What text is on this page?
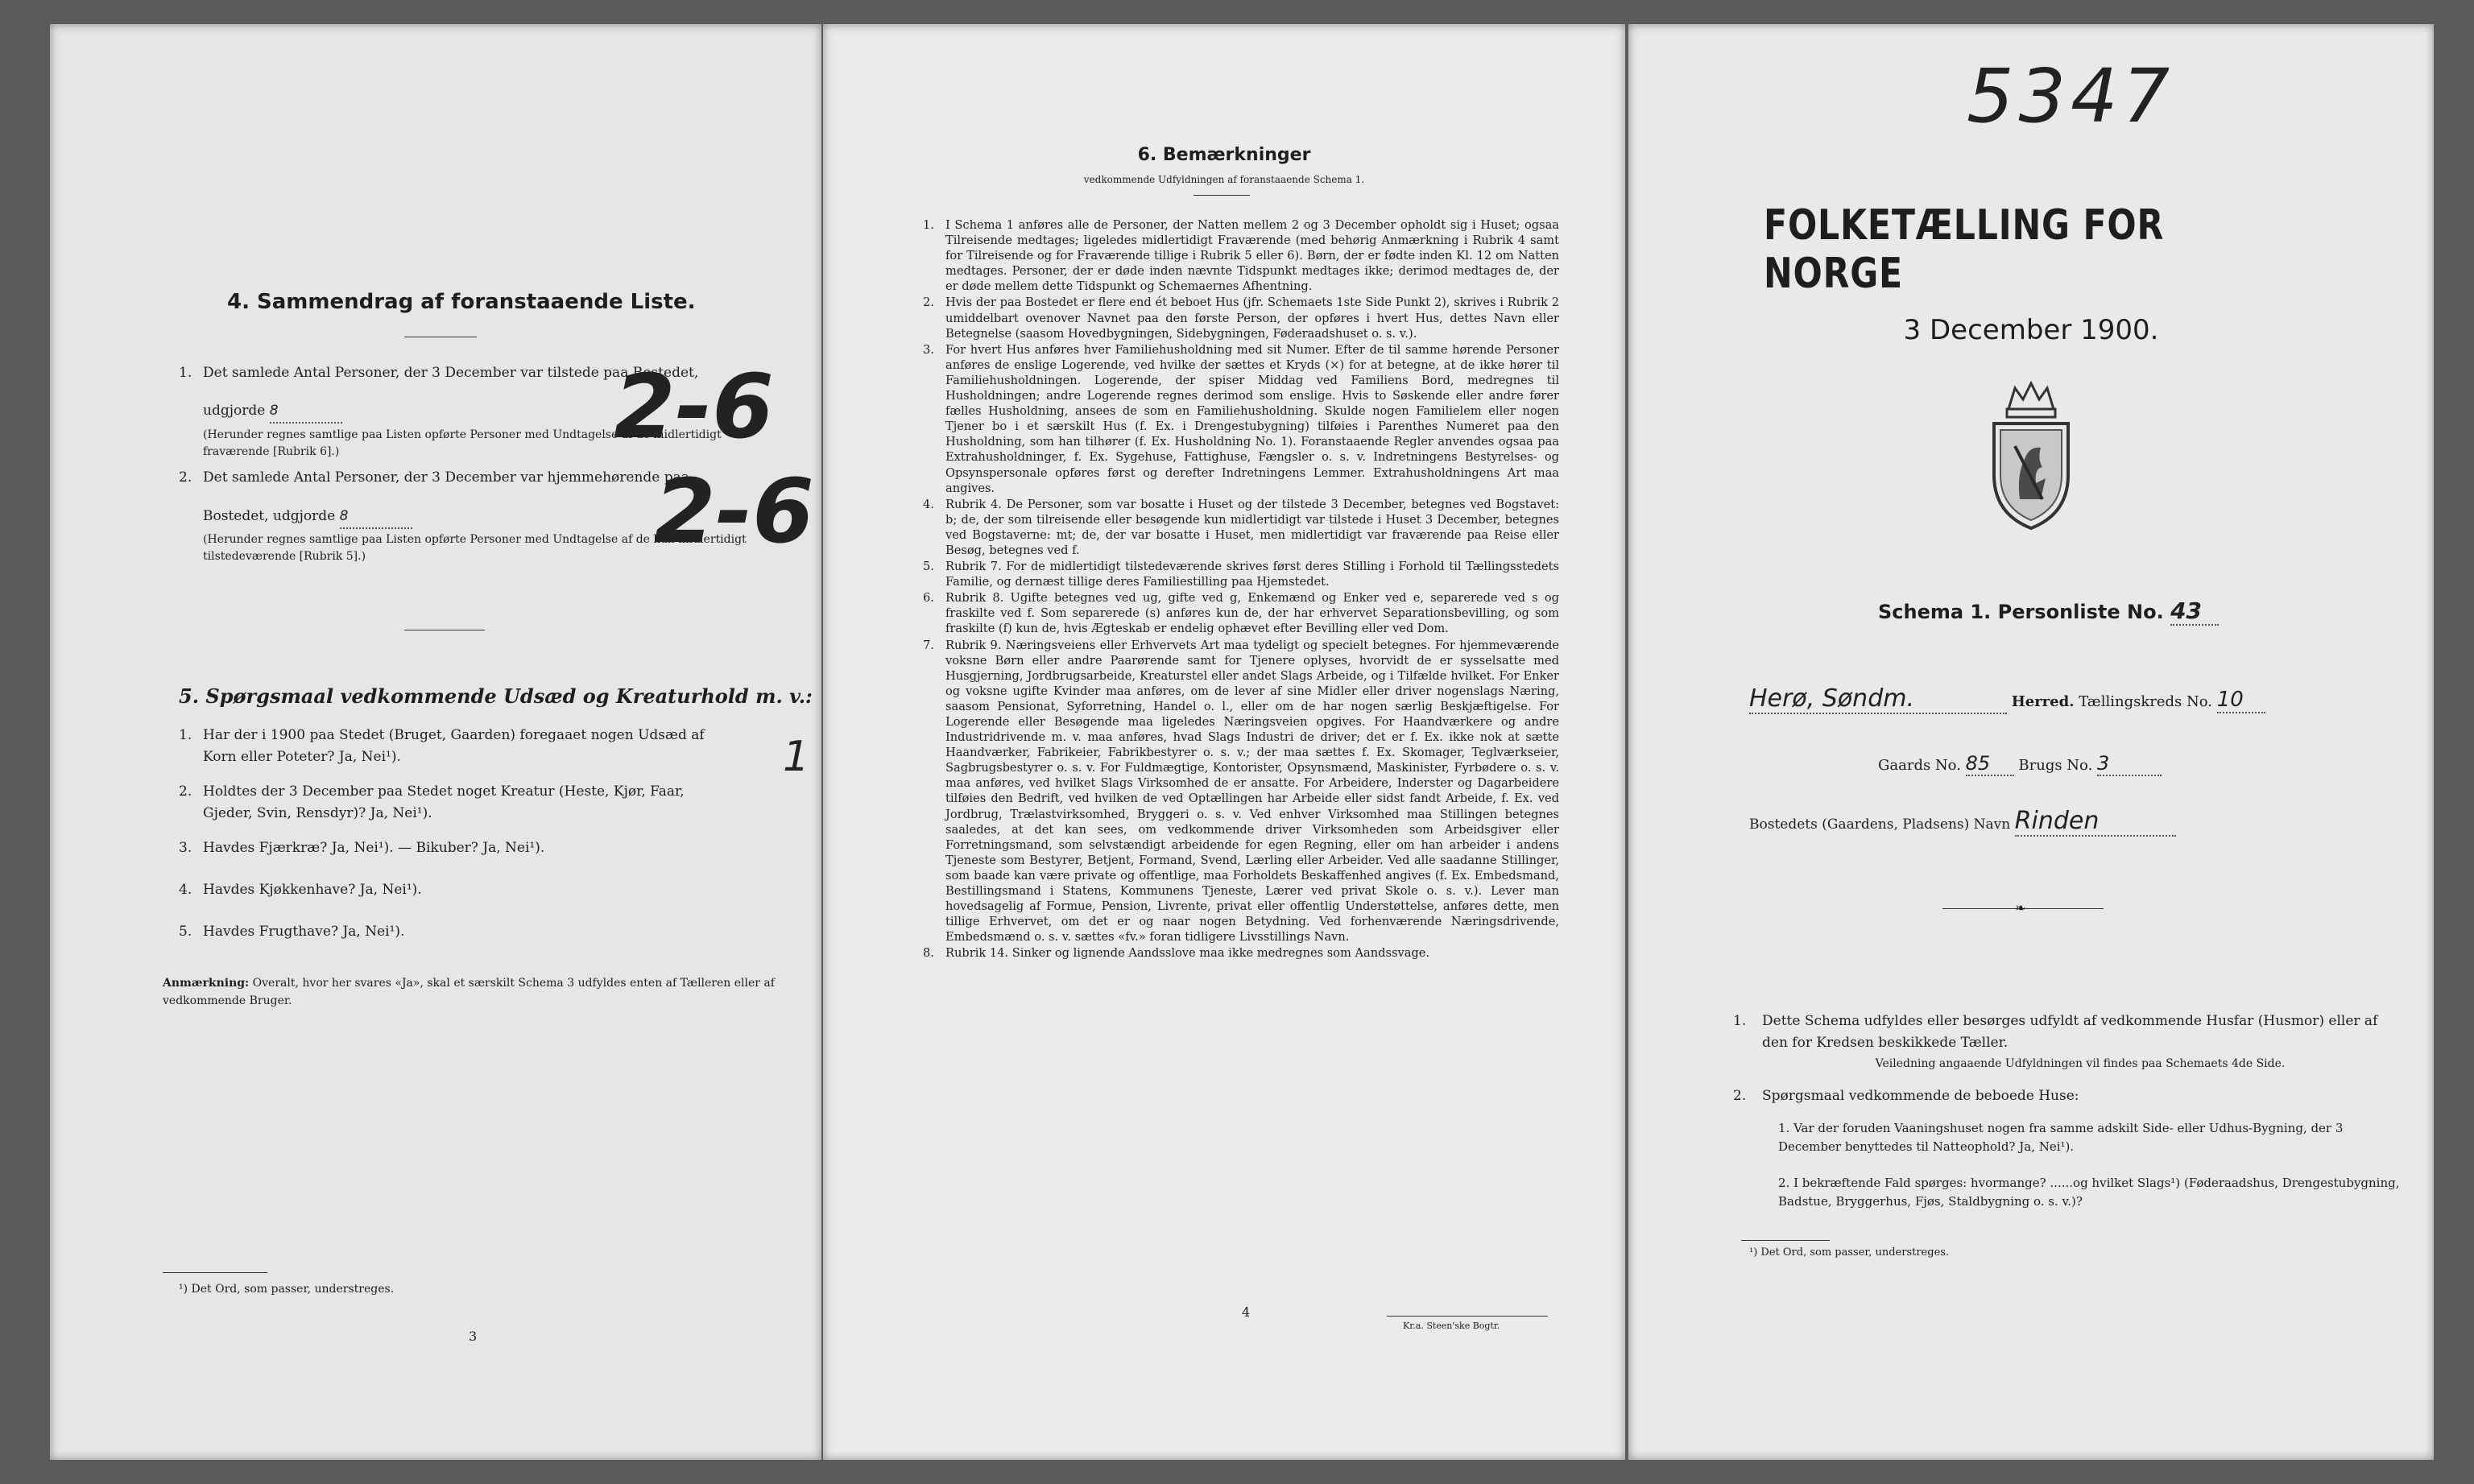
4. Sammendrag af foranstaaende Liste.
1. Det samlede Antal Personer, der 3 December var tilstede paa Bostedet,
udgjorde 8
(Herunder regnes samtlige paa Listen opførte Personer med Undtagelse af de midlertidigt fraværende [Rubrik 6].)	2-6
2. Det samlede Antal Personer, der 3 December var hjemmehørende paa
Bostedet, udgjorde 8
(Herunder regnes samtlige paa Listen opførte Personer med Undtagelse af de kun midlertidigt tilstedeværende [Rubrik 5].)	2-6
5. Spørgsmaal vedkommende Udsæd og Kreaturhold m. v.:
1. Har der i 1900 paa Stedet (Bruget, Gaarden) foregaaet nogen Udsæd af
Korn eller Poteter? Ja, Nei¹).
2. Holdtes der 3 December paa Stedet noget Kreatur (Heste, Kjør, Faar,
Gjeder, Svin, Rensdyr)? Ja, Nei¹).
3. Havdes Fjærkræ? Ja, Nei¹). — Bikuber? Ja, Nei¹).
4. Havdes Kjøkkenhave? Ja, Nei¹).
5. Havdes Frugthave? Ja, Nei¹).
1
Anmærkning: Overalt, hvor her svares «Ja», skal et særskilt Schema 3 udfyldes enten af Tælleren eller af vedkommende Bruger.
¹) Det Ord, som passer, understreges.
3
6. Bemærkninger
vedkommende Udfyldningen af foranstaaende Schema 1.
1. I Schema 1 anføres alle de Personer, der Natten mellem 2 og 3 December opholdt sig i Huset; ogsaa Tilreisende medtages; ligeledes midlertidigt Fraværende (med behørig Anmærkning i Rubrik 4 samt for Tilreisende og for Fraværende tillige i Rubrik 5 eller 6). Børn, der er fødte inden Kl. 12 om Natten medtages. Personer, der er døde inden nævnte Tidspunkt medtages ikke; derimod medtages de, der er døde mellem dette Tidspunkt og Schemaernes Afhentning.
2. Hvis der paa Bostedet er flere end ét beboet Hus (jfr. Schemaets 1ste Side Punkt 2), skrives i Rubrik 2 umiddelbart ovenover Navnet paa den første Person, der opføres i hvert Hus, dettes Navn eller Betegnelse (saasom Hovedbygningen, Sidebygningen, Føderaadshuset o. s. v.).
3. For hvert Hus anføres hver Familiehusholdning med sit Numer. Efter de til samme hørende Personer anføres de enslige Logerende, ved hvilke der sættes et Kryds (×) for at betegne, at de ikke hører til Familiehusholdningen. Logerende, der spiser Middag ved Familiens Bord, medregnes til Husholdningen; andre Logerende regnes derimod som enslige. Hvis to Søskende eller andre fører fælles Husholdning, ansees de som en Familiehusholdning. Skulde nogen Familielem eller nogen Tjener bo i et særskilt Hus (f. Ex. i Drengestubygning) tilføies i Parenthes Numeret paa den Husholdning, som han tilhører (f. Ex. Husholdning No. 1). Foranstaaende Regler anvendes ogsaa paa Extrahusholdninger, f. Ex. Sygehuse, Fattighuse, Fængsler o. s. v. Indretningens Bestyrelses- og Opsynspersonale opføres først og derefter Indretningens Lemmer. Extrahusholdningens Art maa angives.
4. Rubrik 4. De Personer, som var bosatte i Huset og der tilstede 3 December, betegnes ved Bogstavet: b; de, der som tilreisende eller besøgende kun midlertidigt var tilstede i Huset 3 December, betegnes ved Bogstaverne: mt; de, der var bosatte i Huset, men midlertidigt var fraværende paa Reise eller Besøg, betegnes ved f.
5. Rubrik 7. For de midlertidigt tilstedeværende skrives først deres Stilling i Forhold til Tællingsstedets Familie, og dernæst tillige deres Familiestilling paa Hjemstedet.
6. Rubrik 8. Ugifte betegnes ved ug, gifte ved g, Enkemænd og Enker ved e, separerede ved s og fraskilte ved f. Som separerede (s) anføres kun de, der har erhvervet Separationsbevilling, og som fraskilte (f) kun de, hvis Ægteskab er endelig ophævet efter Bevilling eller ved Dom.
7. Rubrik 9. Næringsveiens eller Erhvervets Art maa tydeligt og specielt betegnes. For hjemmeværende voksne Børn eller andre Paarørende samt for Tjenere oplyses, hvorvidt de er sysselsatte med Husgjerning, Jordbrugsarbeide, Kreaturstel eller andet Slags Arbeide, og i Tilfælde hvilket. For Enker og voksne ugifte Kvinder maa anføres, om de lever af sine Midler eller driver nogenslags Næring, saasom Pensionat, Syforretning, Handel o. l., eller om de har nogen særlig Beskjæftigelse. For Logerende eller Besøgende maa ligeledes Næringsveien opgives. For Haandværkere og andre Industridrivende m. v. maa anføres, hvad Slags Industri de driver; det er f. Ex. ikke nok at sætte Haandværker, Fabrikeier, Fabrikbestyrer o. s. v.; der maa sættes f. Ex. Skomager, Teglværkseier, Sagbrugsbestyrer o. s. v. For Fuldmægtige, Kontorister, Opsynsmænd, Maskinister, Fyrbødere o. s. v. maa anføres, ved hvilket Slags Virksomhed de er ansatte. For Arbeidere, Inderster og Dagarbeidere tilføies den Bedrift, ved hvilken de ved Optællingen har Arbeide eller sidst fandt Arbeide, f. Ex. ved Jordbrug, Trælastvirksomhed, Bryggeri o. s. v. Ved enhver Virksomhed maa Stillingen betegnes saaledes, at det kan sees, om vedkommende driver Virksomheden som Arbeidsgiver eller Forretningsmand, som selvstændigt arbeidende for egen Regning, eller om han arbeider i andens Tjeneste som Bestyrer, Betjent, Formand, Svend, Lærling eller Arbeider. Ved alle saadanne Stillinger, som baade kan være private og offentlige, maa Forholdets Beskaffenhed angives (f. Ex. Embedsmand, Bestillingsmand i Statens, Kommunens Tjeneste, Lærer ved privat Skole o. s. v.). Lever man hovedsagelig af Formue, Pension, Livrente, privat eller offentlig Understøttelse, anføres dette, men tillige Erhvervet, om det er og naar nogen Betydning. Ved forhenværende Næringsdrivende, Embedsmænd o. s. v. sættes «fv.» foran tidligere Livsstillings Navn.
8. Rubrik 14. Sinker og lignende Aandsslove maa ikke medregnes som Aandssvage.
4
Kr.a. Steen'ske Bogtr.
5347
FOLKETÆLLING FOR NORGE
3 December 1900.
Schema 1. Personliste No. 43
Herø, Søndm.	Herred. Tællingskreds No. 10
Gaards No. 85 Brugs No. 3
Bostedets (Gaardens, Pladsens) Navn Rinden
❧
1. Dette Schema udfyldes eller besørges udfyldt af vedkommende Husfar (Husmor) eller af den for Kredsen beskikkede Tæller.
Veiledning angaaende Udfyldningen vil findes paa Schemaets 4de Side.
2. Spørgsmaal vedkommende de beboede Huse:
1. Var der foruden Vaaningshuset nogen fra samme adskilt Side- eller Udhus-Bygning, der 3 December benyttedes til Natteophold? Ja, Nei¹).
2. I bekræftende Fald spørges: hvormange? ......og hvilket Slags¹) (Føderaadshus, Drengestubygning, Badstue, Bryggerhus, Fjøs, Staldbygning o. s. v.)?
¹) Det Ord, som passer, understreges.
